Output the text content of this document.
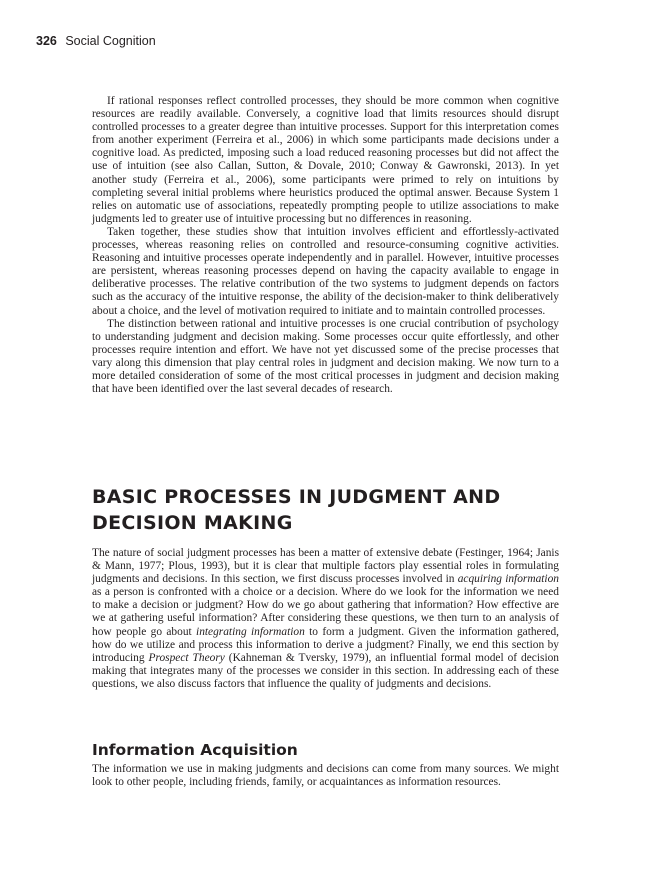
326 Social Cognition

If rational responses reflect controlled processes, they should be more common when cognitive resources are readily available. Conversely, a cognitive load that limits resources should disrupt controlled processes to a greater degree than intuitive processes. Support for this interpretation comes from another experiment (Ferreira et al., 2006) in which some participants made decisions under a cognitive load. As predicted, imposing such a load reduced reasoning processes but did not affect the use of intuition (see also Callan, Sutton, & Dovale, 2010; Conway & Gawronski, 2013). In yet another study (Ferreira et al., 2006), some participants were primed to rely on intuitions by completing several initial problems where heuristics produced the optimal answer. Because System 1 relies on automatic use of associations, repeatedly prompting people to utilize associations to make judgments led to greater use of intuitive processing but no differences in reasoning.

Taken together, these studies show that intuition involves efficient and effortlessly-activated processes, whereas reasoning relies on controlled and resource-consuming cognitive activities. Reasoning and intuitive processes operate independently and in parallel. However, intuitive processes are persistent, whereas reasoning processes depend on having the capacity available to engage in deliberative processes. The relative contribution of the two systems to judgment depends on factors such as the accuracy of the intuitive response, the ability of the decision-maker to think deliberatively about a choice, and the level of motivation required to initiate and to maintain controlled processes.

The distinction between rational and intuitive processes is one crucial contribution of psychology to understanding judgment and decision making. Some processes occur quite effortlessly, and other processes require intention and effort. We have not yet discussed some of the precise processes that vary along this dimension that play central roles in judgment and decision making. We now turn to a more detailed consideration of some of the most critical processes in judgment and decision making that have been identified over the last several decades of research.

BASIC PROCESSES IN JUDGMENT AND DECISION MAKING

The nature of social judgment processes has been a matter of extensive debate (Festinger, 1964; Janis & Mann, 1977; Plous, 1993), but it is clear that multiple factors play essential roles in formulating judgments and decisions. In this section, we first discuss processes involved in acquiring information as a person is confronted with a choice or a decision. Where do we look for the information we need to make a decision or judgment? How do we go about gathering that information? How effective are we at gathering useful information? After considering these questions, we then turn to an analysis of how people go about integrating information to form a judgment. Given the information gathered, how do we utilize and process this information to derive a judgment? Finally, we end this section by introducing Prospect Theory (Kahneman & Tversky, 1979), an influential formal model of decision making that integrates many of the processes we consider in this section. In addressing each of these questions, we also discuss factors that influence the quality of judgments and decisions.

Information Acquisition

The information we use in making judgments and decisions can come from many sources. We might look to other people, including friends, family, or acquaintances as information resources.
